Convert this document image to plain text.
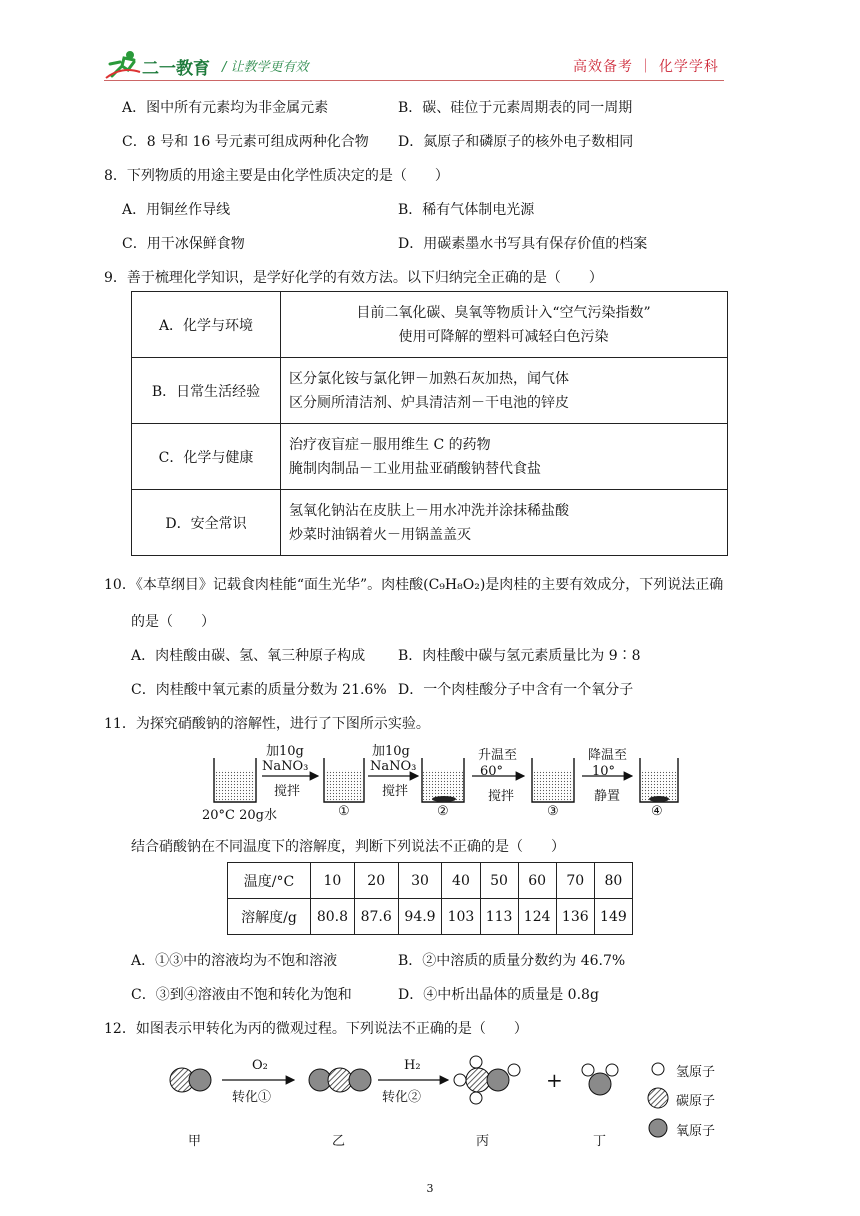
二一教育 / 让教学更有效	高效备考 ｜ 化学学科
A．图中所有元素均为非金属元素	B．碳、硅位于元素周期表的同一周期
C．8 号和 16 号元素可组成两种化合物 D．氮原子和磷原子的核外电子数相同
8．下列物质的用途主要是由化学性质决定的是（　　）
A．用铜丝作导线	B．稀有气体制电光源
C．用干冰保鲜食物	D．用碳素墨水书写具有保存价值的档案
9．善于梳理化学知识，是学好化学的有效方法。以下归纳完全正确的是（　　）
A．化学与环境	目前二氧化碳、臭氧等物质计入“空气污染指数”
使用可降解的塑料可减轻白色污染

B．日常生活经验	区分氯化铵与氯化钾－加熟石灰加热，闻气体
区分厕所清洁剂、炉具清洁剂－干电池的锌皮

C．化学与健康	治疗夜盲症－服用维生 C 的药物
腌制肉制品－工业用盐亚硝酸钠替代食盐

D．安全常识	氢氧化钠沾在皮肤上－用水冲洗并涂抹稀盐酸
炒菜时油锅着火－用锅盖盖灭
10．《本草纲目》记载食肉桂能“面生光华”。肉桂酸(C₉H₈O₂)是肉桂的主要有效成分，下列说法正确
的是（　　）
A．肉桂酸由碳、氢、氧三种原子构成 B．肉桂酸中碳与氢元素质量比为 9∶8
C．肉桂酸中氧元素的质量分数为 21.6% D．一个肉桂酸分子中含有一个氧分子
11．为探究硝酸钠的溶解性，进行了下图所示实验。
20°C 20g水
加10g
NaNO₃
搅拌
加10g
NaNO₃
搅拌
升温至
60°
搅拌
降温至
10°
静置
①	②	③	④
结合硝酸钠在不同温度下的溶解度，判断下列说法不正确的是（　　）
温度/°C	10	20	30	40	50	60	70	80
溶解度/g	80.8	87.6	94.9	103	113	124	136	149
A．①③中的溶液均为不饱和溶液	B．②中溶质的质量分数约为 46.7%
C．③到④溶液由不饱和转化为饱和	D．④中析出晶体的质量是 0.8g
12．如图表示甲转化为丙的微观过程。下列说法不正确的是（　　）
O₂
转化①
H₂
转化②
+
甲	乙	丙	丁
氢原子
碳原子
氧原子
3
